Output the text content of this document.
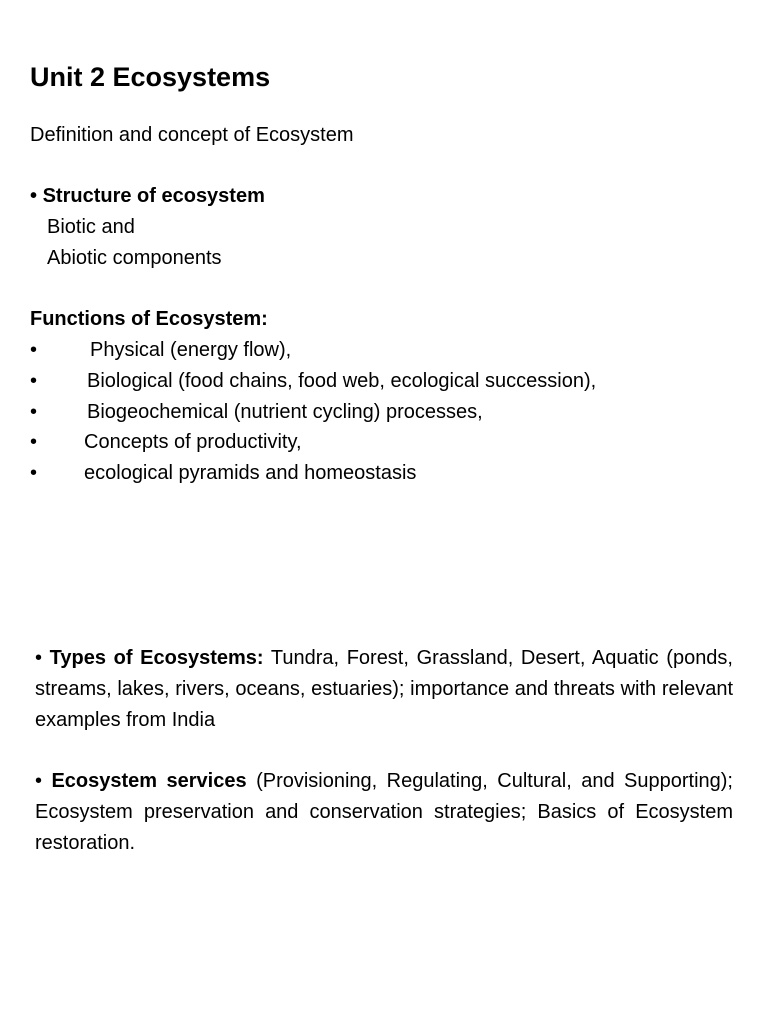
Unit 2 Ecosystems

Definition and concept of Ecosystem

• Structure of ecosystem

Biotic and

Abiotic components

Functions of Ecosystem:

•	Physical (energy flow),
• Biological (food chains, food web, ecological succession),
• Biogeochemical (nutrient cycling) processes,
• Concepts of productivity,
• ecological pyramids and homeostasis

• Types of Ecosystems: Tundra, Forest, Grassland, Desert, Aquatic (ponds, streams, lakes, rivers, oceans, estuaries); importance and threats with relevant examples from India

• Ecosystem services (Provisioning, Regulating, Cultural, and Supporting); Ecosystem preservation and conservation strategies; Basics of Ecosystem restoration.
